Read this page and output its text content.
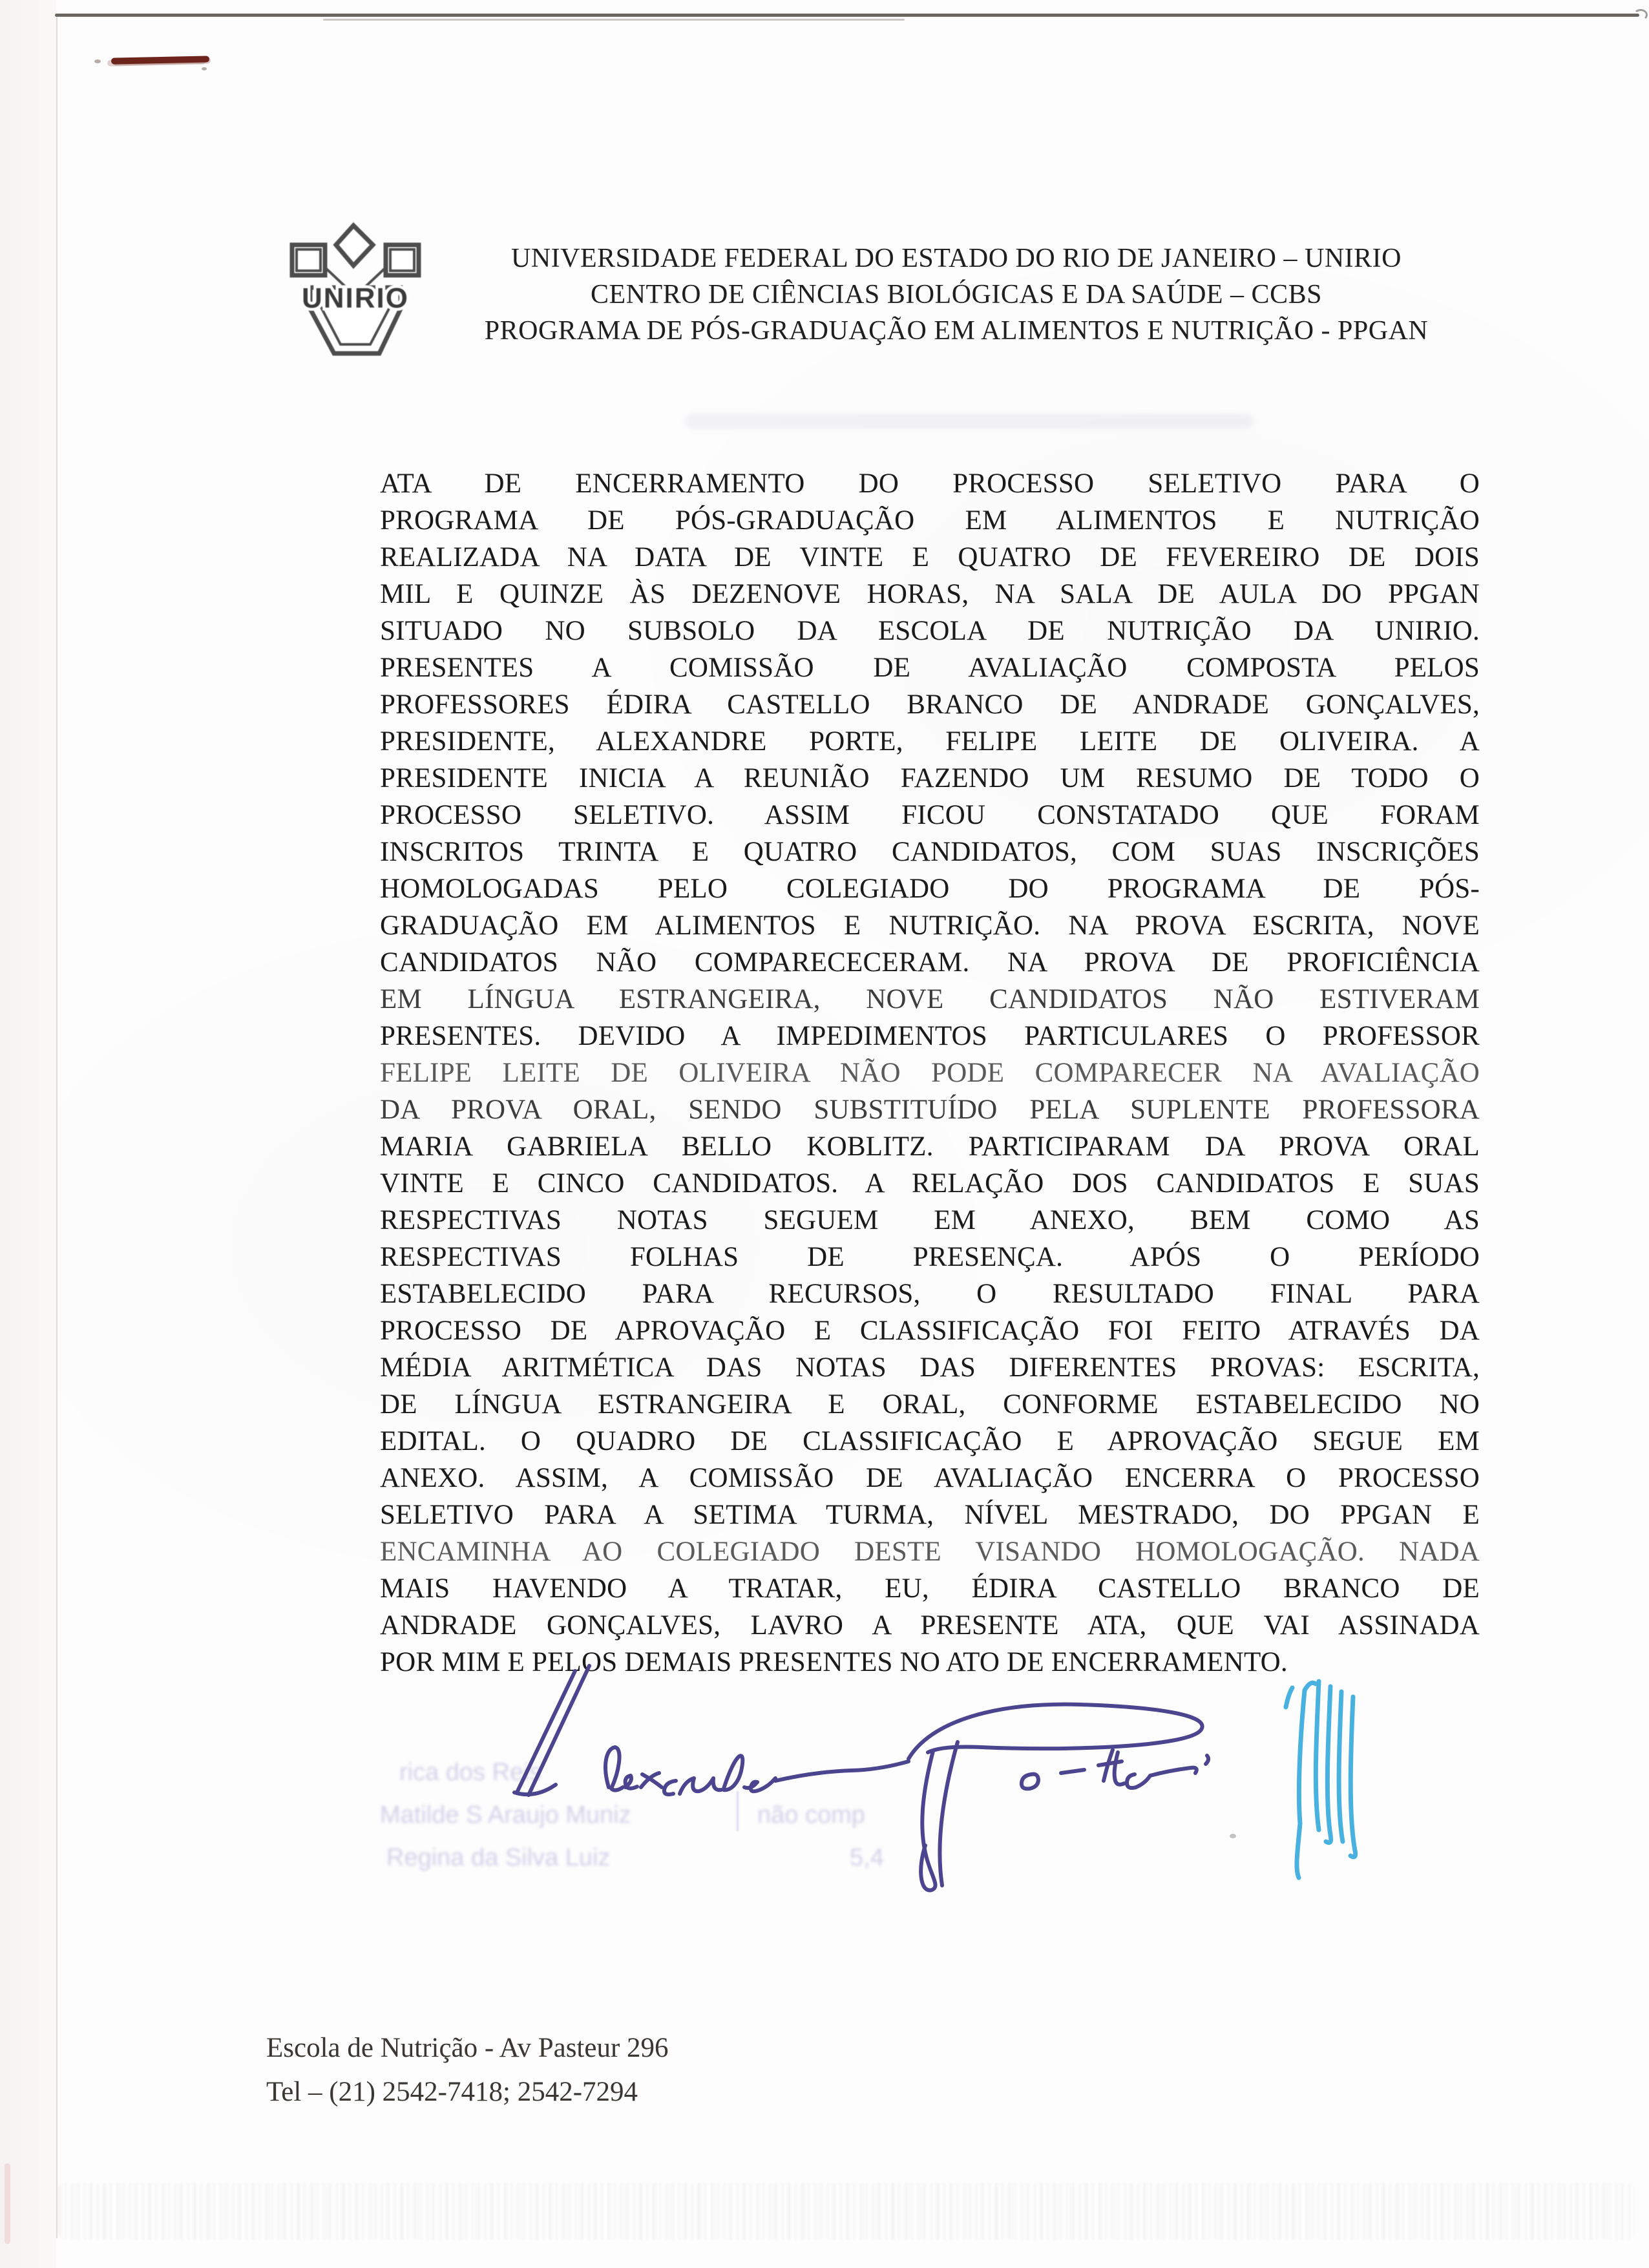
UNIRIO
UNIVERSIDADE FEDERAL DO ESTADO DO RIO DE JANEIRO – UNIRIO
CENTRO DE CIÊNCIAS BIOLÓGICAS E DA SAÚDE – CCBS
PROGRAMA DE PÓS-GRADUAÇÃO EM ALIMENTOS E NUTRIÇÃO - PPGAN
ATA DE ENCERRAMENTO DO PROCESSO SELETIVO PARA O
PROGRAMA DE PÓS-GRADUAÇÃO EM ALIMENTOS E NUTRIÇÃO
REALIZADA NA DATA DE VINTE E QUATRO DE FEVEREIRO DE DOIS
MIL E QUINZE ÀS DEZENOVE HORAS, NA SALA DE AULA DO PPGAN
SITUADO NO SUBSOLO DA ESCOLA DE NUTRIÇÃO DA UNIRIO.
PRESENTES A COMISSÃO DE AVALIAÇÃO COMPOSTA PELOS
PROFESSORES ÉDIRA CASTELLO BRANCO DE ANDRADE GONÇALVES,
PRESIDENTE, ALEXANDRE PORTE, FELIPE LEITE DE OLIVEIRA. A
PRESIDENTE INICIA A REUNIÃO FAZENDO UM RESUMO DE TODO O
PROCESSO SELETIVO. ASSIM FICOU CONSTATADO QUE FORAM
INSCRITOS TRINTA E QUATRO CANDIDATOS, COM SUAS INSCRIÇÕES
HOMOLOGADAS PELO COLEGIADO DO PROGRAMA DE PÓS-
GRADUAÇÃO EM ALIMENTOS E NUTRIÇÃO. NA PROVA ESCRITA, NOVE
CANDIDATOS NÃO COMPARECECERAM. NA PROVA DE PROFICIÊNCIA
EM LÍNGUA ESTRANGEIRA, NOVE CANDIDATOS NÃO ESTIVERAM
PRESENTES. DEVIDO A IMPEDIMENTOS PARTICULARES O PROFESSOR
FELIPE LEITE DE OLIVEIRA NÃO PODE COMPARECER NA AVALIAÇÃO
DA PROVA ORAL, SENDO SUBSTITUÍDO PELA SUPLENTE PROFESSORA
MARIA GABRIELA BELLO KOBLITZ. PARTICIPARAM DA PROVA ORAL
VINTE E CINCO CANDIDATOS. A RELAÇÃO DOS CANDIDATOS E SUAS
RESPECTIVAS NOTAS SEGUEM EM ANEXO, BEM COMO AS
RESPECTIVAS FOLHAS DE PRESENÇA. APÓS O PERÍODO
ESTABELECIDO PARA RECURSOS, O RESULTADO FINAL PARA
PROCESSO DE APROVAÇÃO E CLASSIFICAÇÃO FOI FEITO ATRAVÉS DA
MÉDIA ARITMÉTICA DAS NOTAS DAS DIFERENTES PROVAS: ESCRITA,
DE LÍNGUA ESTRANGEIRA E ORAL, CONFORME ESTABELECIDO NO
EDITAL. O QUADRO DE CLASSIFICAÇÃO E APROVAÇÃO SEGUE EM
ANEXO. ASSIM, A COMISSÃO DE AVALIAÇÃO ENCERRA O PROCESSO
SELETIVO PARA A SETIMA TURMA, NÍVEL MESTRADO, DO PPGAN E
ENCAMINHA AO COLEGIADO DESTE VISANDO HOMOLOGAÇÃO. NADA
MAIS HAVENDO A TRATAR, EU, ÉDIRA CASTELLO BRANCO DE
ANDRADE GONÇALVES, LAVRO A PRESENTE ATA, QUE VAI ASSINADA
POR MIM E PELOS DEMAIS PRESENTES NO ATO DE ENCERRAMENTO.
rica dos Reis
Matilde S Araujo Muniz	não comp
Regina da Silva Luiz	5,4
Escola de Nutrição - Av Pasteur 296
Tel – (21) 2542-7418; 2542-7294
